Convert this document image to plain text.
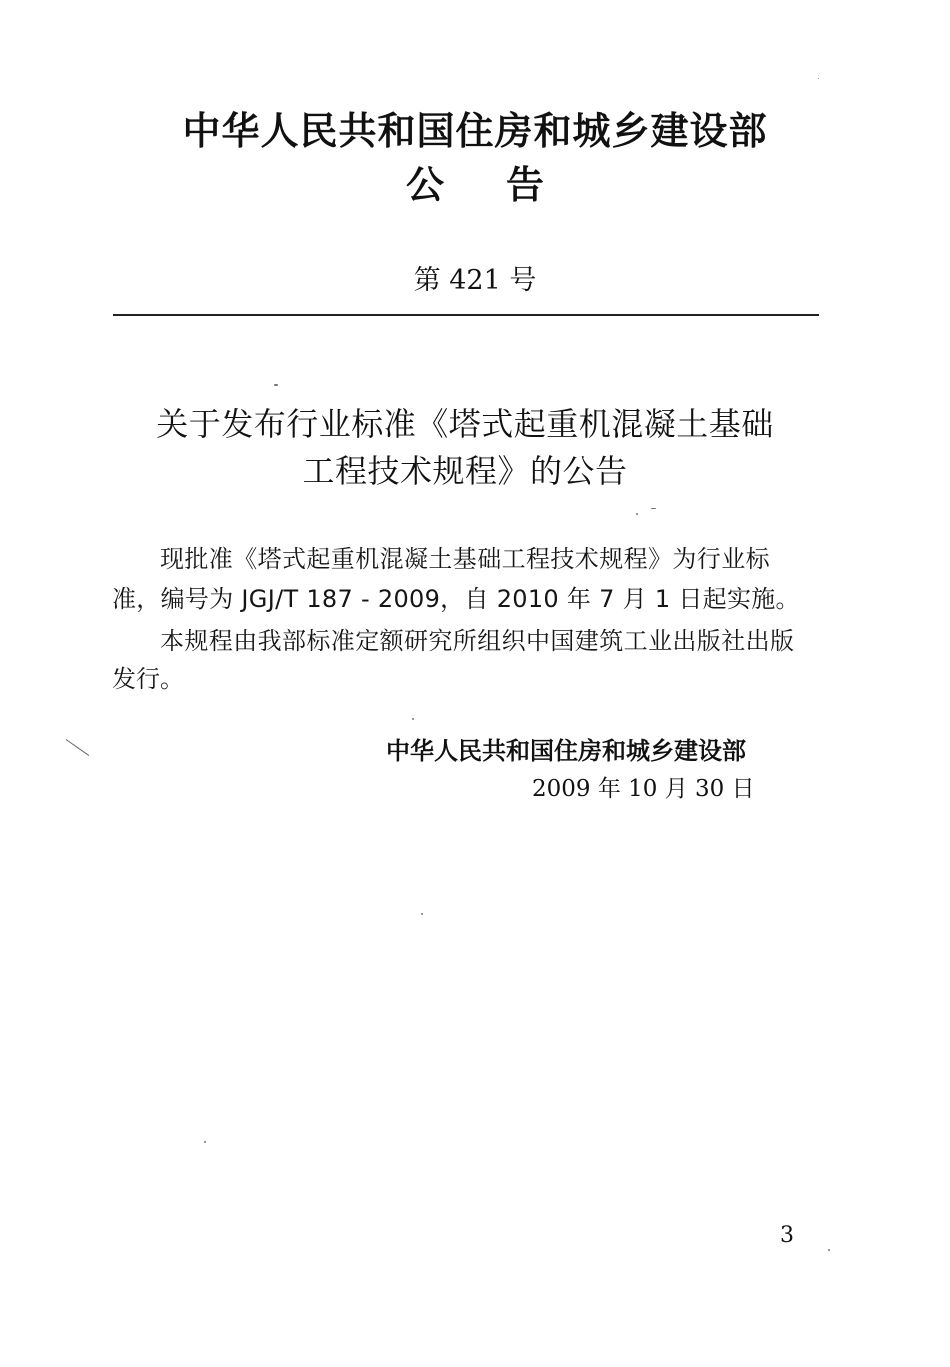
中华人民共和国住房和城乡建设部
公告
第 421 号
关于发布行业标准《塔式起重机混凝土基础
工程技术规程》的公告
现批准《塔式起重机混凝土基础工程技术规程》为行业标
准，编号为 JGJ/T 187 - 2009，自 2010 年 7 月 1 日起实施。
本规程由我部标准定额研究所组织中国建筑工业出版社出版
发行。
中华人民共和国住房和城乡建设部
2009 年 10 月 30 日
3
